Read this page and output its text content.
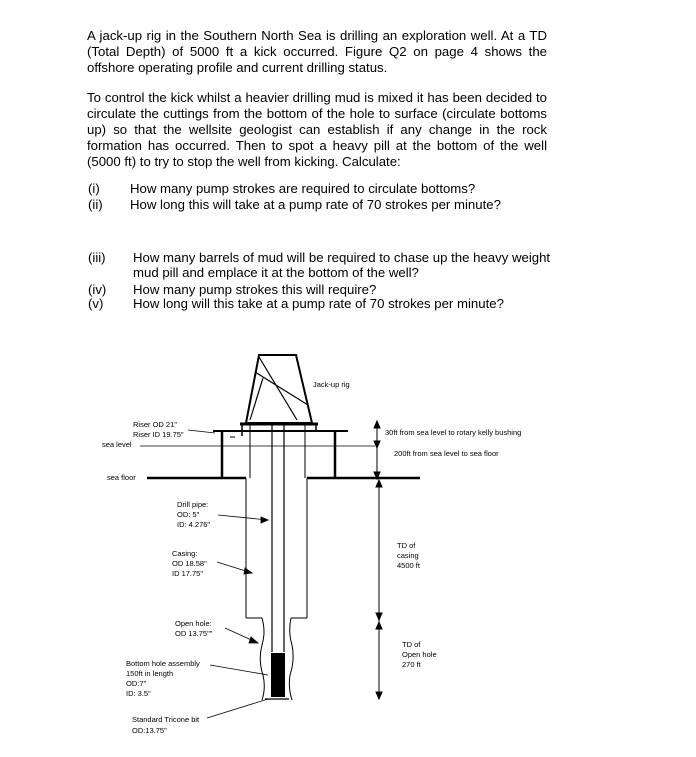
A jack-up rig in the Southern North Sea is drilling an exploration well. At a TD (Total Depth) of 5000 ft a kick occurred. Figure Q2 on page 4 shows the offshore operating profile and current drilling status.

To control the kick whilst a heavier drilling mud is mixed it has been decided to circulate the cuttings from the bottom of the hole to surface (circulate bottoms up) so that the wellsite geologist can establish if any change in the rock formation has occurred. Then to spot a heavy pill at the bottom of the well (5000 ft) to try to stop the well from kicking. Calculate:

(i) How many pump strokes are required to circulate bottoms?
(ii) How long this will take at a pump rate of 70 strokes per minute?
(iii) How many barrels of mud will be required to chase up the heavy weight mud pill and emplace it at the bottom of the well?
(iv) How many pump strokes this will require?
(v) How long will this take at a pump rate of 70 strokes per minute?
Jack-up rig
Riser OD 21"
Riser ID 19.75"
sea level
sea floor
30ft from sea level to rotary kelly bushing
200ft from sea level to sea floor
Drill pipe:
OD: 5"
ID: 4.276"
Casing:
OD 18.58"
ID 17.75"
TD of
casing
4500 ft
Open hole:
OD 13.75""
TD of
Open hole
270 ft
Bottom hole assembly
150ft in length
OD:7"
ID: 3.5"
Standard Tricone bit
OD:13.75"
